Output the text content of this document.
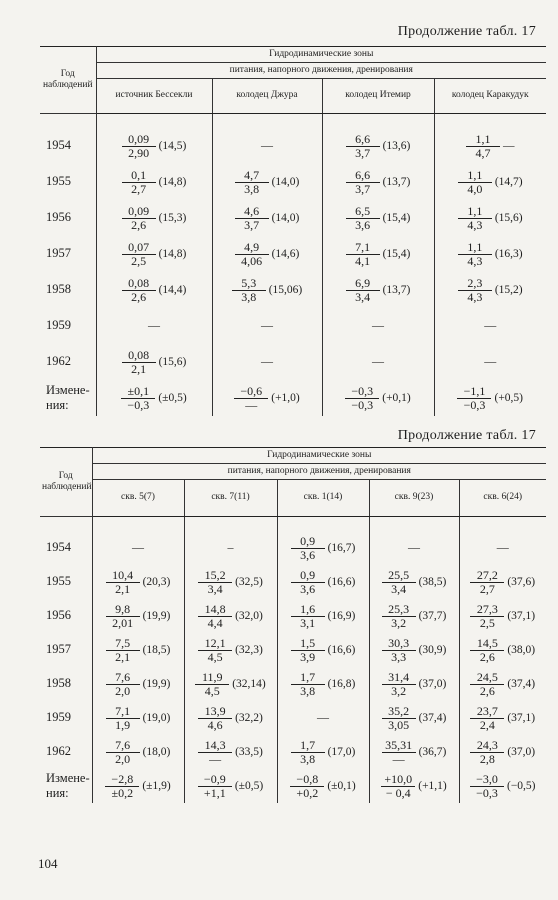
Продолжение табл. 17
Год наблюдений	Гидродинамические зоны			
	питания, напорного движения, дренирования			
	источник Бессекли	колодец Джура	колодец Итемир	колодец Каракудук

1954	$\frac{0,09}{2,90} (14,5)$	—	$\frac{6,6}{3,7} (13,6)$	$\frac{1,1}{4,7}$ —

1955	$\frac{0,1}{2,7} (14,8)$	$\frac{4,7}{3,8} (14,0)$	$\frac{6,6}{3,7} (13,7)$	$\frac{1,1}{4,0} (14,7)$

1956	$\frac{0,09}{2,6} (15,3)$	$\frac{4,6}{3,7} (14,0)$	$\frac{6,5}{3,6} (15,4)$	$\frac{1,1}{4,3} (15,6)$

1957	$\frac{0,07}{2,5} (14,8)$	$\frac{4,9}{4,06} (14,6)$	$\frac{7,1}{4,1} (15,4)$	$\frac{1,1}{4,3} (16,3)$

1958	$\frac{0,08}{2,6} (14,4)$	$\frac{5,3}{3,8} (15,06)$	$\frac{6,9}{3,4} (13,7)$	$\frac{2,3}{4,3} (15,2)$

1959	—	—	—	—
1962	$\frac{0,08}{2,1} (15,6)$	—	—	—
Измене-ния:	$\frac{\pm 0,1}{-0,3} (\pm 0,5)$	$\frac{-0,6}{—} (+1,0)$	$\frac{-0,3}{-0,3} (+0,1)$	$\frac{-1,1}{-0,3} (+0,5)$
Продолжение табл. 17
Год наблюдений	Гидродинамические зоны				
	питания, напорного движения, дренирования				
	скв. 5(7)	скв. 7(11)	скв. 1(14)	скв. 9(23)	скв. 6(24)

1954	—	–	$\frac{0,9}{3,6} (16,7)$	—	—
1955	$\frac{10,4}{2,1} (20,3)$	$\frac{15,2}{3,4} (32,5)$	$\frac{0,9}{3,6} (16,6)$	$\frac{25,5}{3,4} (38,5)$	$\frac{27,2}{2,7} (37,6)$

1956	$\frac{9,8}{2,01} (19,9)$	$\frac{14,8}{4,4} (32,0)$	$\frac{1,6}{3,1} (16,9)$	$\frac{25,3}{3,2} (37,7)$	$\frac{27,3}{2,5} (37,1)$

1957	$\frac{7,5}{2,1} (18,5)$	$\frac{12,1}{4,5} (32,3)$	$\frac{1,5}{3,9} (16,6)$	$\frac{30,3}{3,3} (30,9)$	$\frac{14,5}{2,6} (38,0)$

1958	$\frac{7,6}{2,0} (19,9)$	$\frac{11,9}{4,5} (32,14)$	$\frac{1,7}{3,8} (16,8)$	$\frac{31,4}{3,2} (37,0)$	$\frac{24,5}{2,6} (37,4)$

1959	$\frac{7,1}{1,9} (19,0)$	$\frac{13,9}{4,6} (32,2)$	—	$\frac{35,2}{3,05} (37,4)$	$\frac{23,7}{2,4} (37,1)$

1962	$\frac{7,6}{2,0} (18,0)$	$\frac{14,3}{—} (33,5)$	$\frac{1,7}{3,8} (17,0)$	$\frac{35,31}{—} (36,7)$	$\frac{24,3}{2,8} (37,0)$

Измене-ния:	$\frac{-2,8}{\pm 0,2} (\pm 1,9)$	$\frac{-0,9}{+1,1} (\pm 0,5)$	$\frac{-0,8}{+0,2} (\pm 0,1)$	$\frac{+10,0}{- 0,4} (+1,1)$	$\frac{-3,0}{-0,3} (-0,5)$
104
